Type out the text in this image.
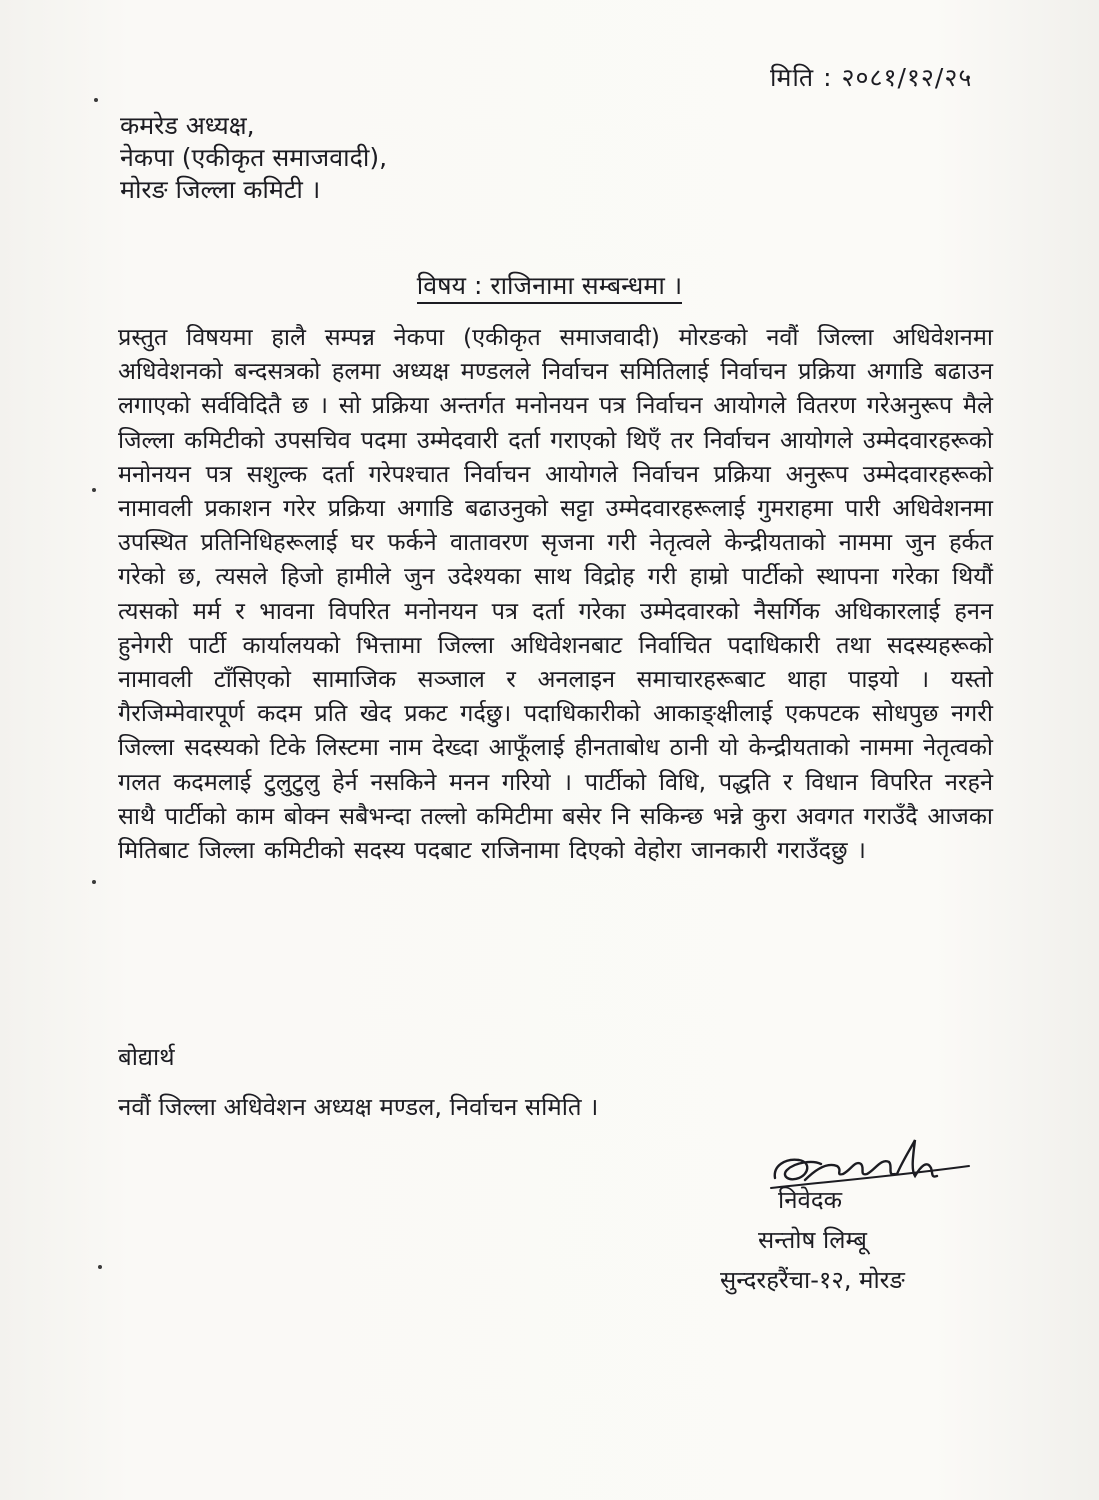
मिति : २०८१/१२/२५
कमरेड अध्यक्ष,
नेकपा (एकीकृत समाजवादी),
मोरङ जिल्ला कमिटी ।
विषय : राजिनामा सम्बन्धमा ।
प्रस्तुत विषयमा हालै सम्पन्न नेकपा (एकीकृत समाजवादी) मोरङको नवौं जिल्ला अधिवेशनमा अधिवेशनको बन्दसत्रको हलमा अध्यक्ष मण्डलले निर्वाचन समितिलाई निर्वाचन प्रक्रिया अगाडि बढाउन लगाएको सर्वविदितै छ । सो प्रक्रिया अन्तर्गत मनोनयन पत्र निर्वाचन आयोगले वितरण गरेअनुरूप मैले जिल्ला कमिटीको उपसचिव पदमा उम्मेदवारी दर्ता गराएको थिएँ तर निर्वाचन आयोगले उम्मेदवारहरूको मनोनयन पत्र सशुल्क दर्ता गरेपश्चात निर्वाचन आयोगले निर्वाचन प्रक्रिया अनुरूप उम्मेदवारहरूको नामावली प्रकाशन गरेर प्रक्रिया अगाडि बढाउनुको सट्टा उम्मेदवारहरूलाई गुमराहमा पारी अधिवेशनमा उपस्थित प्रतिनिधिहरूलाई घर फर्कने वातावरण सृजना गरी नेतृत्वले केन्द्रीयताको नाममा जुन हर्कत गरेको छ, त्यसले हिजो हामीले जुन उदेश्यका साथ विद्रोह गरी हाम्रो पार्टीको स्थापना गरेका थियौं त्यसको मर्म र भावना विपरित मनोनयन पत्र दर्ता गरेका उम्मेदवारको नैसर्गिक अधिकारलाई हनन हुनेगरी पार्टी कार्यालयको भित्तामा जिल्ला अधिवेशनबाट निर्वाचित पदाधिकारी तथा सदस्यहरूको नामावली टाँसिएको सामाजिक सञ्जाल र अनलाइन समाचारहरूबाट थाहा पाइयो । यस्तो गैरजिम्मेवारपूर्ण कदम प्रति खेद प्रकट गर्दछु। पदाधिकारीको आकाङ्क्षीलाई एकपटक सोधपुछ नगरी जिल्ला सदस्यको टिके लिस्टमा नाम देख्दा आफूँलाई हीनताबोध ठानी यो केन्द्रीयताको नाममा नेतृत्वको गलत कदमलाई टुलुटुलु हेर्न नसकिने मनन गरियो । पार्टीको विधि, पद्धति र विधान विपरित नरहने साथै पार्टीको काम बोक्न सबैभन्दा तल्लो कमिटीमा बसेर नि सकिन्छ भन्ने कुरा अवगत गराउँदै आजका मितिबाट जिल्ला कमिटीको सदस्य पदबाट राजिनामा दिएको वेहोरा जानकारी गराउँदछु ।
बोद्यार्थ
नवौं जिल्ला अधिवेशन अध्यक्ष मण्डल, निर्वाचन समिति ।
निवेदक
सन्तोष लिम्बू
सुन्दरहरैंचा-१२, मोरङ
